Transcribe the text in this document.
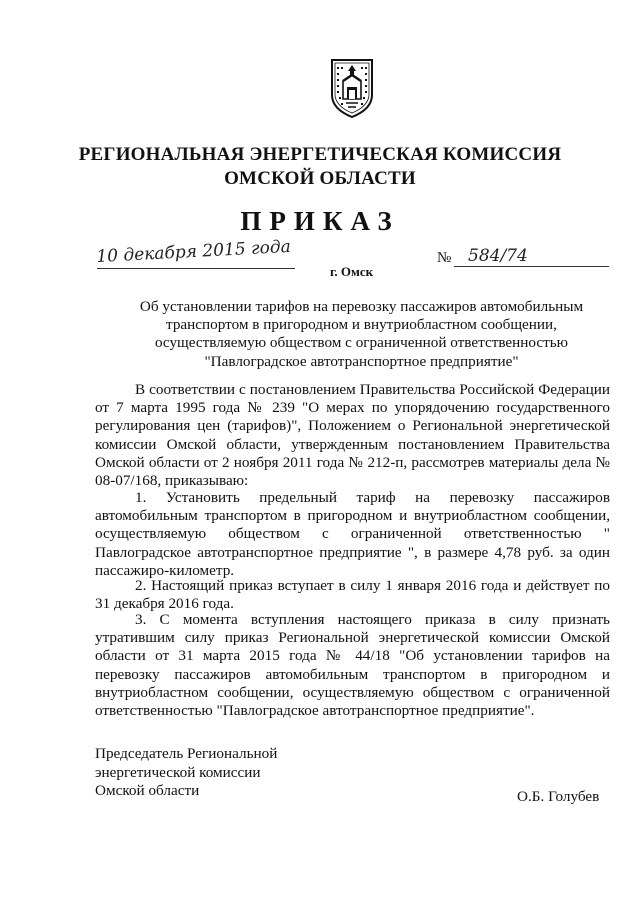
РЕГИОНАЛЬНАЯ ЭНЕРГЕТИЧЕСКАЯ КОМИССИЯ
ОМСКОЙ ОБЛАСТИ
ПРИКАЗ
10 декабря 2015 года
г. Омск
№ 584/74
Об установлении тарифов на перевозку пассажиров автомобильным
транспортом в пригородном и внутриобластном сообщении,
осуществляемую обществом с ограниченной ответственностью
"Павлоградское автотранспортное предприятие"
В соответствии с постановлением Правительства Российской Федерации от 7 марта 1995 года № 239 "О мерах по упорядочению государственного регулирования цен (тарифов)", Положением о Региональной энергетической комиссии Омской области, утвержденным постановлением Правительства Омской области от 2 ноября 2011 года № 212-п, рассмотрев материалы дела № 08-07/168, приказываю:
1. Установить предельный тариф на перевозку пассажиров автомобильным транспортом в пригородном и внутриобластном сообщении, осуществляемую обществом с ограниченной ответственностью " Павлоградское автотранспортное предприятие ", в размере 4,78 руб. за один пассажиро-километр.
2. Настоящий приказ вступает в силу 1 января 2016 года и действует по 31 декабря 2016 года.
3. С момента вступления настоящего приказа в силу признать утратившим силу приказ Региональной энергетической комиссии Омской области от 31 марта 2015 года № 44/18 "Об установлении тарифов на перевозку пассажиров автомобильным транспортом в пригородном и внутриобластном сообщении, осуществляемую обществом с ограниченной ответственностью "Павлоградское автотранспортное предприятие".
Председатель Региональной
энергетической комиссии
Омской области	О.Б. Голубев
